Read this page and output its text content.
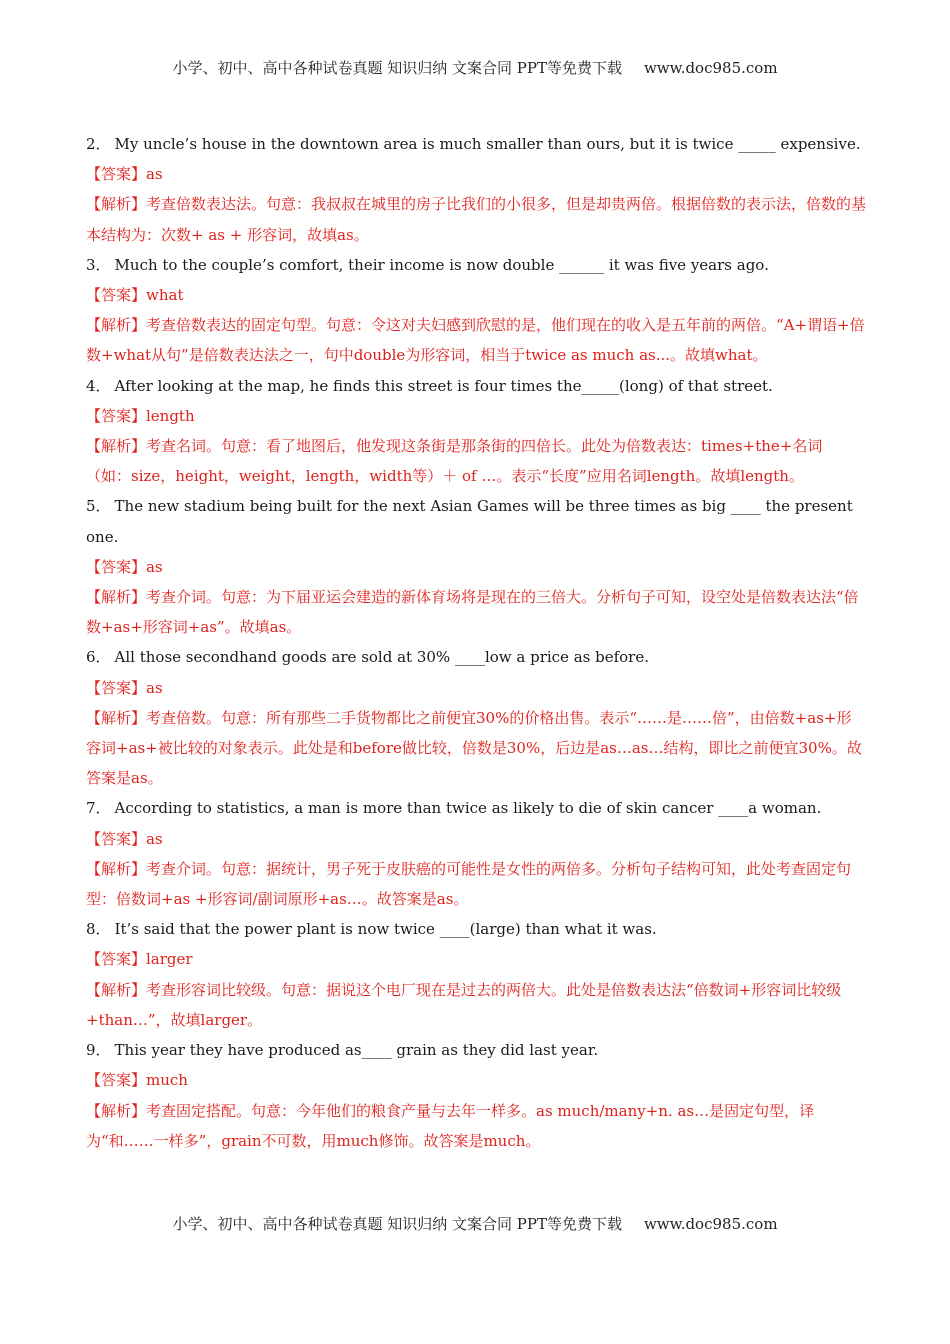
小学、初中、高中各种试卷真题 知识归纳 文案合同 PPT等免费下载 www.doc985.com
2． My uncle’s house in the downtown area is much smaller than ours, but it is twice _____ expensive.
【答案】as
【解析】考查倍数表达法。句意：我叔叔在城里的房子比我们的小很多，但是却贵两倍。根据倍数的表示法，倍数的基本结构为：次数+ as + 形容词，故填as。
3． Much to the couple’s comfort, their income is now double ______ it was five years ago.
【答案】what
【解析】考查倍数表达的固定句型。句意：令这对夫妇感到欣慰的是，他们现在的收入是五年前的两倍。“A+谓语+倍数+what从句”是倍数表达法之一，句中double为形容词，相当于twice as much as...。故填what。
4． After looking at the map, he finds this street is four times the_____(long) of that street.
【答案】length
【解析】考查名词。句意：看了地图后，他发现这条街是那条街的四倍长。此处为倍数表达：times+the+名词（如：size，height，weight，length，width等）＋ of …。表示“长度”应用名词length。故填length。
5． The new stadium being built for the next Asian Games will be three times as big ____ the present one.
【答案】as
【解析】考查介词。句意：为下届亚运会建造的新体育场将是现在的三倍大。分析句子可知，设空处是倍数表达法“倍数+as+形容词+as”。故填as。
6． All those secondhand goods are sold at 30% ____low a price as before.
【答案】as
【解析】考查倍数。句意：所有那些二手货物都比之前便宜30%的价格出售。表示“……是……倍”，由倍数+as+形容词+as+被比较的对象表示。此处是和before做比较，倍数是30%，后边是as…as…结构，即比之前便宜30%。故答案是as。
7． According to statistics, a man is more than twice as likely to die of skin cancer ____a woman.
【答案】as
【解析】考查介词。句意：据统计，男子死于皮肤癌的可能性是女性的两倍多。分析句子结构可知，此处考查固定句型：倍数词+as +形容词/副词原形+as…。故答案是as。
8． It’s said that the power plant is now twice ____(large) than what it was.
【答案】larger
【解析】考查形容词比较级。句意：据说这个电厂现在是过去的两倍大。此处是倍数表达法“倍数词+形容词比较级+than…”，故填larger。
9． This year they have produced as____ grain as they did last year.
【答案】much
【解析】考查固定搭配。句意：今年他们的粮食产量与去年一样多。as much/many+n. as…是固定句型，译为“和……一样多”，grain不可数，用much修饰。故答案是much。
小学、初中、高中各种试卷真题 知识归纳 文案合同 PPT等免费下载 www.doc985.com
